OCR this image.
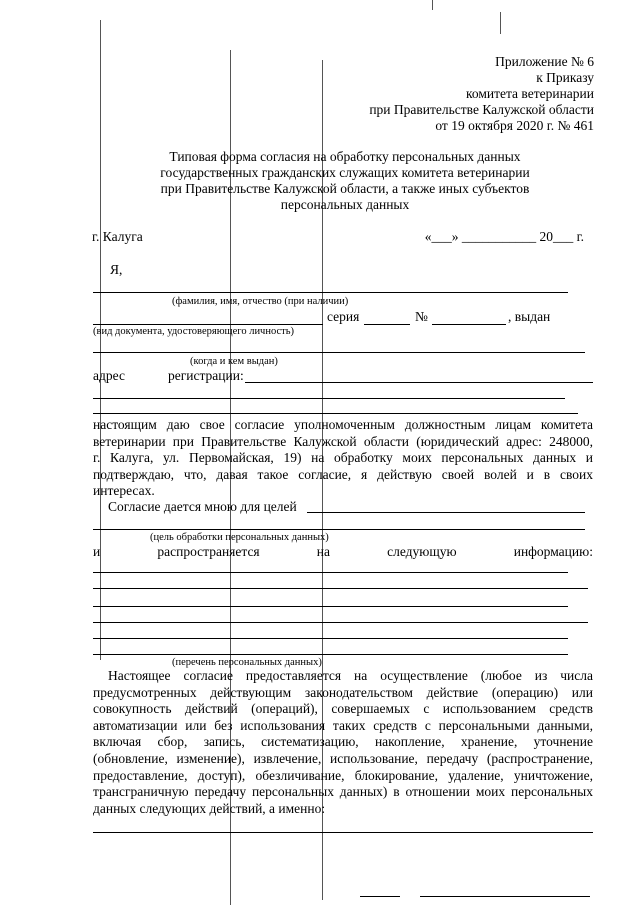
Приложение № 6
к Приказу
комитета ветеринарии
при Правительстве Калужской области
от 19 октября 2020 г. № 461
Типовая форма согласия на обработку персональных данных
государственных гражданских служащих комитета ветеринарии
при Правительстве Калужской области, а также иных субъектов
персональных данных
г. Калуга	«___» ___________ 20___ г.
Я,
(фамилия, имя, отчество (при наличии)
серия	№	, выдан
(вид документа, удостоверяющего личность)
(когда и кем выдан)
адрес	регистрации:
настоящим даю свое согласие уполномоченным должностным лицам комитета
ветеринарии при Правительстве Калужской области (юридический адрес: 248000,
г. Калуга, ул. Первомайская, 19) на обработку моих персональных данных и
подтверждаю, что, давая такое согласие, я действую своей волей и в своих
интересах.
Согласие дается мною для целей
(цель обработки персональных данных)
и	распространяется	на	следующую	информацию:
(перечень персональных данных)
Настоящее согласие предоставляется на осуществление (любое из числа
предусмотренных действующим законодательством действие (операцию) или
совокупность действий (операций), совершаемых с использованием средств
автоматизации или без использования таких средств с персональными данными,
включая сбор, запись, систематизацию, накопление, хранение, уточнение
(обновление, изменение), извлечение, использование, передачу (распространение,
предоставление, доступ), обезличивание, блокирование, удаление, уничтожение,
трансграничную передачу персональных данных) в отношении моих персональных
данных следующих действий, а именно:
